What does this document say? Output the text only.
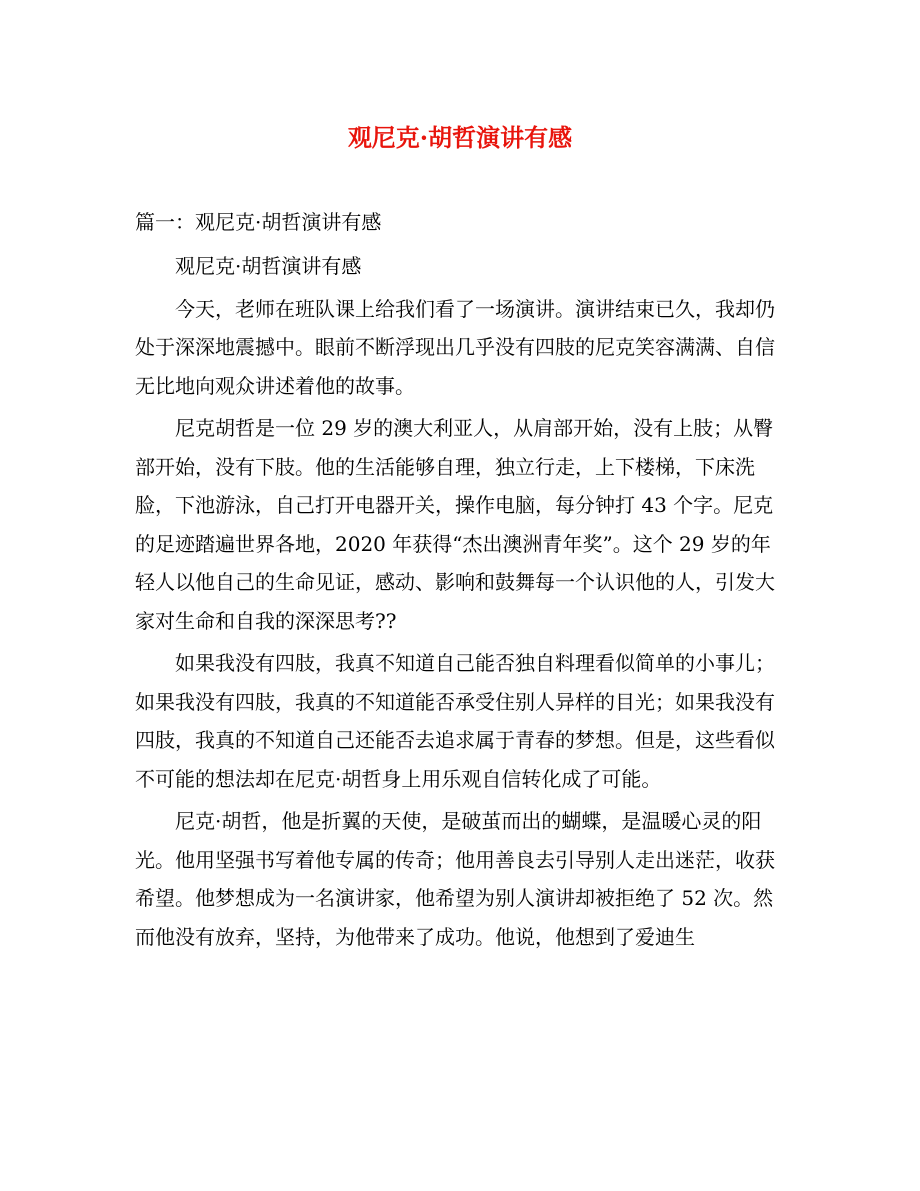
观尼克·胡哲演讲有感

篇一：观尼克·胡哲演讲有感

观尼克·胡哲演讲有感

今天，老师在班队课上给我们看了一场演讲。演讲结束已久，我却仍处于深深地震撼中。眼前不断浮现出几乎没有四肢的尼克笑容满满、自信无比地向观众讲述着他的故事。

尼克胡哲是一位 29 岁的澳大利亚人，从肩部开始，没有上肢；从臀部开始，没有下肢。他的生活能够自理，独立行走，上下楼梯，下床洗脸，下池游泳，自己打开电器开关，操作电脑，每分钟打 43 个字。尼克的足迹踏遍世界各地，2020 年获得“杰出澳洲青年奖”。这个 29 岁的年轻人以他自己的生命见证，感动、影响和鼓舞每一个认识他的人，引发大家对生命和自我的深深思考??

如果我没有四肢，我真不知道自己能否独自料理看似简单的小事儿；如果我没有四肢，我真的不知道能否承受住别人异样的目光；如果我没有四肢，我真的不知道自己还能否去追求属于青春的梦想。但是，这些看似不可能的想法却在尼克·胡哲身上用乐观自信转化成了可能。

尼克·胡哲，他是折翼的天使，是破茧而出的蝴蝶，是温暖心灵的阳光。他用坚强书写着他专属的传奇；他用善良去引导别人走出迷茫，收获希望。他梦想成为一名演讲家，他希望为别人演讲却被拒绝了 52 次。然而他没有放弃，坚持，为他带来了成功。他说，他想到了爱迪生
